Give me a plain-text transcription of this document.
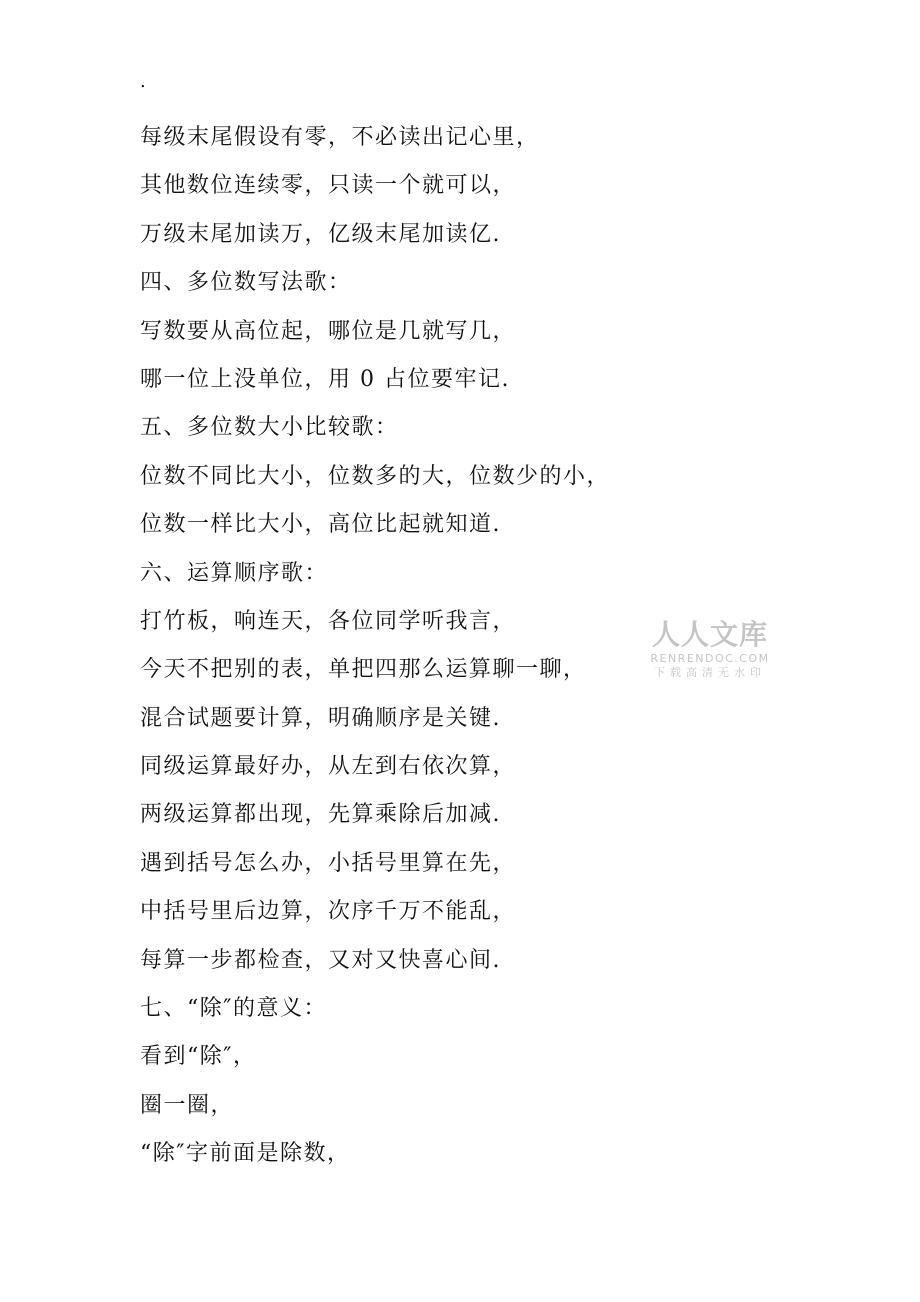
.
每级末尾假设有零，不必读出记心里，
其他数位连续零，只读一个就可以，
万级末尾加读万，亿级末尾加读亿.
四、多位数写法歌：
写数要从高位起，哪位是几就写几，
哪一位上没单位，用 0 占位要牢记.
五、多位数大小比较歌：
位数不同比大小，位数多的大，位数少的小，
位数一样比大小，高位比起就知道.
六、运算顺序歌：
打竹板，响连天，各位同学听我言，
今天不把别的表，单把四那么运算聊一聊，
混合试题要计算，明确顺序是关键.
同级运算最好办，从左到右依次算，
两级运算都出现，先算乘除后加减.
遇到括号怎么办，小括号里算在先，
中括号里后边算，次序千万不能乱，
每算一步都检查，又对又快喜心间.
七、“除″的意义：
看到“除″，
圈一圈，
“除″字前面是除数，
人人文库
RENRENDOC.COM
下载高清无水印
